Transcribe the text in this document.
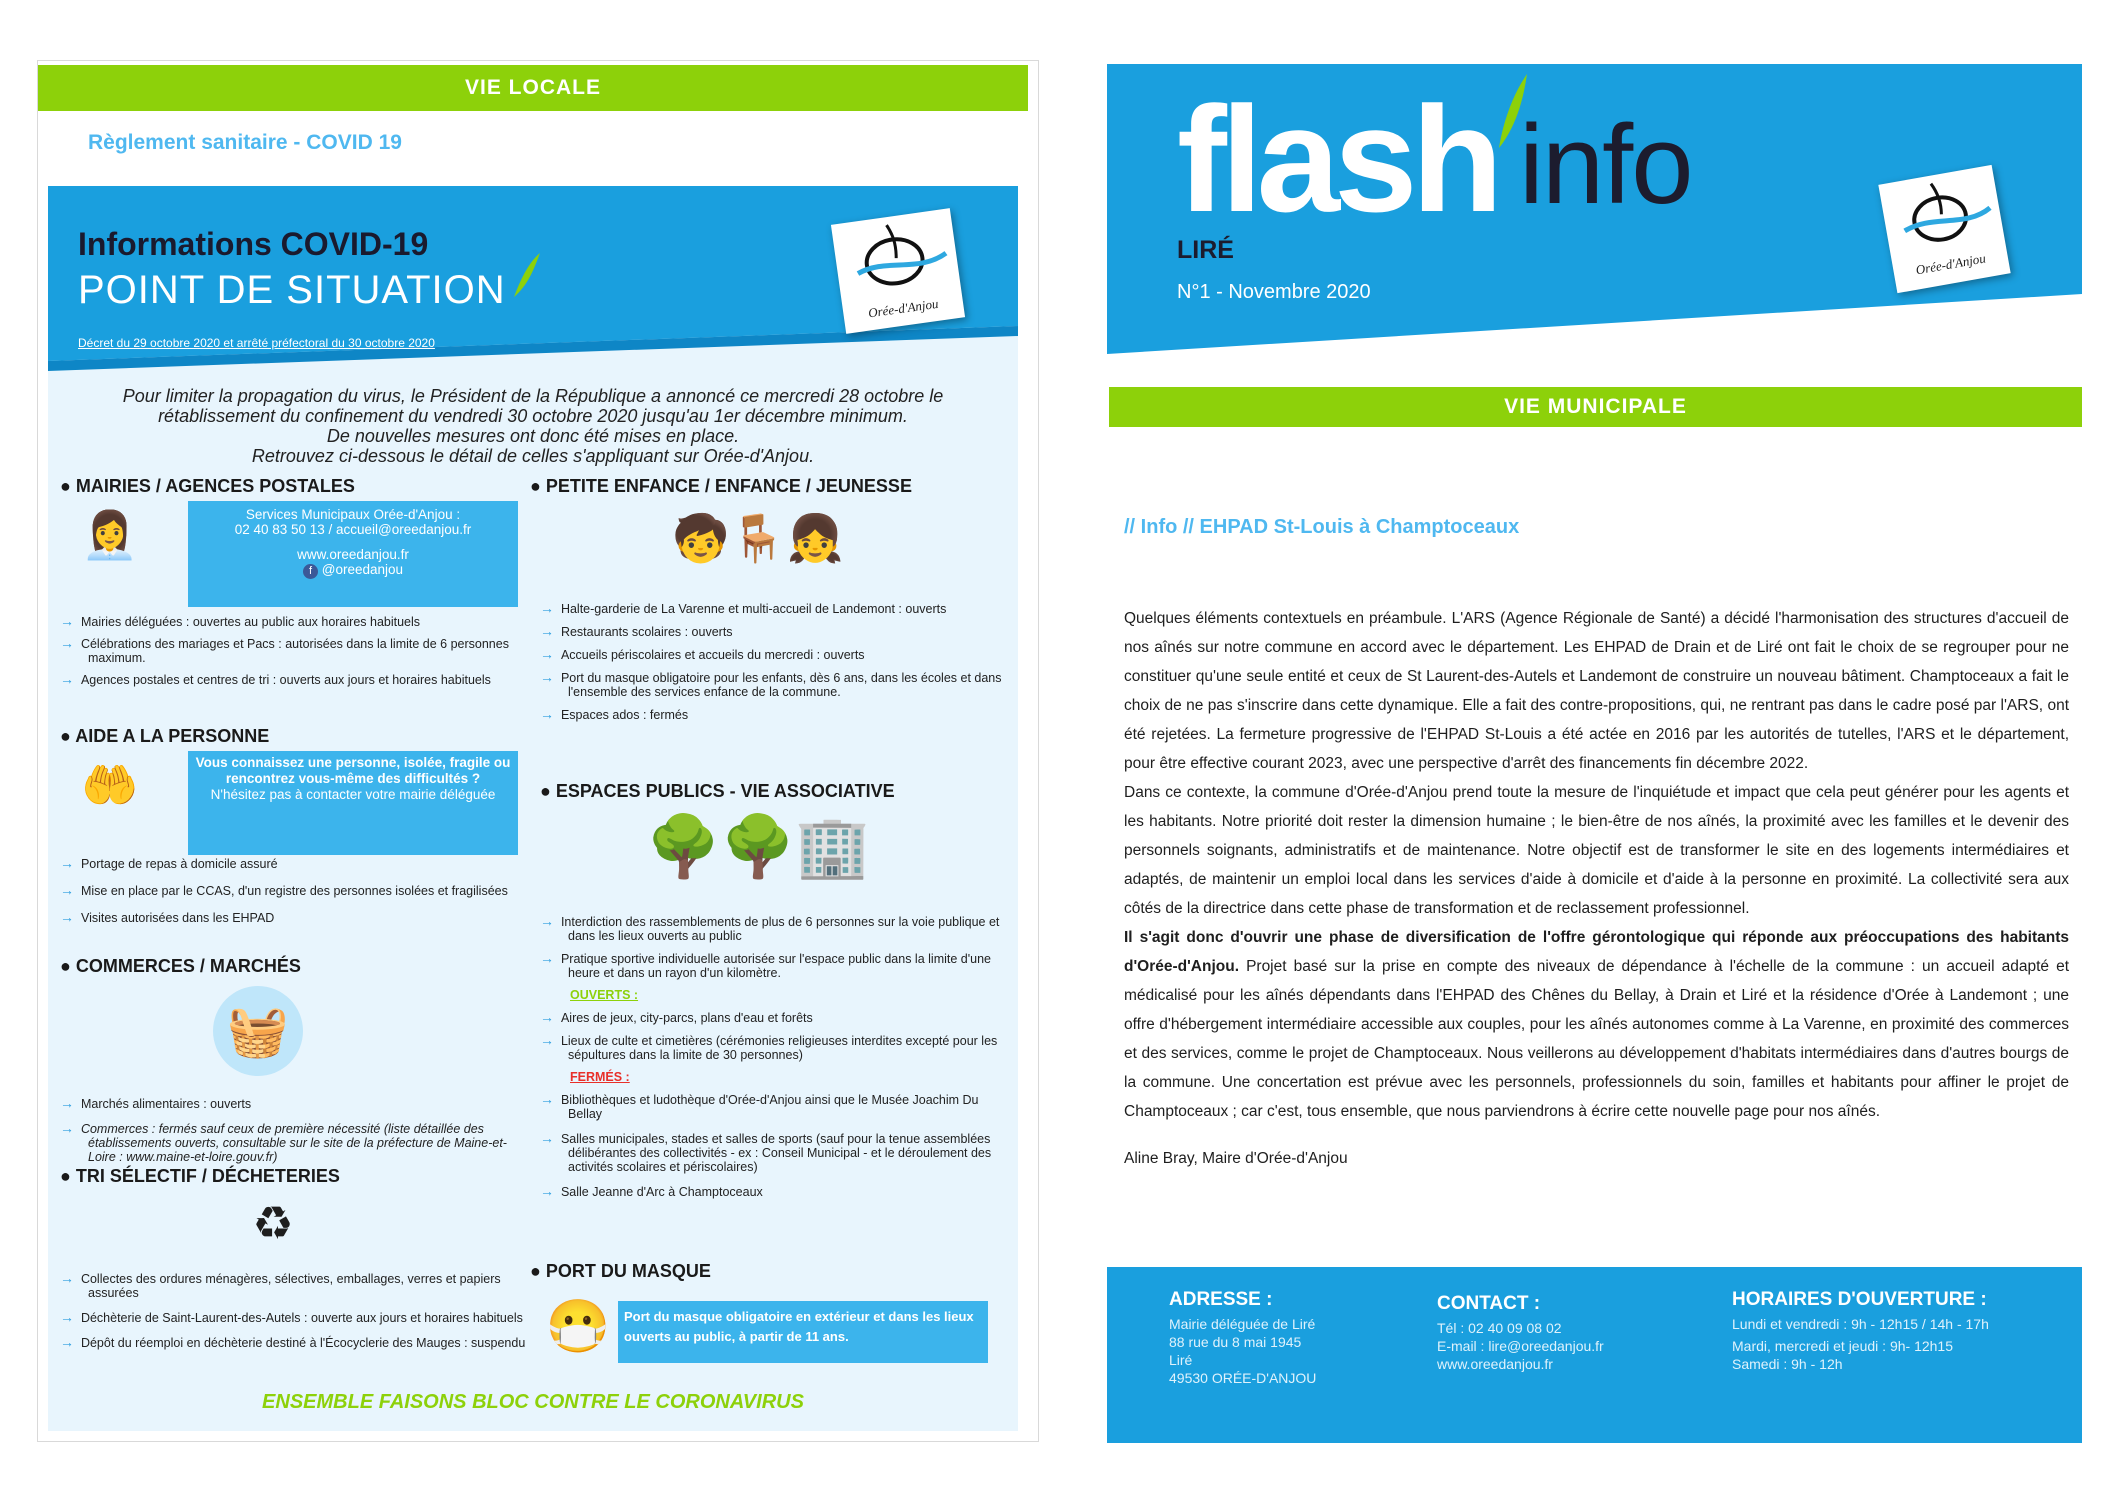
VIE LOCALE
Règlement sanitaire - COVID 19
Informations COVID-19
POINT DE SITUATION
Décret du 29 octobre 2020 et arrêté préfectoral du 30 octobre 2020
Orée-d'Anjou
Pour limiter la propagation du virus, le Président de la République a annoncé ce mercredi 28 octobre le
rétablissement du confinement du vendredi 30 octobre 2020 jusqu'au 1er décembre minimum.
De nouvelles mesures ont donc été mises en place.
Retrouvez ci-dessous le détail de celles s'appliquant sur Orée-d'Anjou.
● MAIRIES / AGENCES POSTALES
👩‍💼	Services Municipaux Orée-d'Anjou :
02 40 83 50 13 / accueil@oreedanjou.fr
www.oreedanjou.fr
f @oreedanjou
→ Mairies déléguées : ouvertes au public aux horaires habituels
→ Célébrations des mariages et Pacs : autorisées dans la limite de 6 personnes maximum.
→ Agences postales et centres de tri : ouverts aux jours et horaires habituels
● AIDE A LA PERSONNE
🤲	Vous connaissez une personne, isolée, fragile ou rencontrez vous-même des difficultés ?
N'hésitez pas à contacter votre mairie déléguée
→ Portage de repas à domicile assuré
→ Mise en place par le CCAS, d'un registre des personnes isolées et fragilisées
→ Visites autorisées dans les EHPAD
● COMMERCES / MARCHÉS
🧺
→ Marchés alimentaires : ouverts
→ Commerces : fermés sauf ceux de première nécessité (liste détaillée des établissements ouverts, consultable sur le site de la préfecture de Maine-et-Loire : www.maine-et-loire.gouv.fr)
● TRI SÉLECTIF / DÉCHETERIES
♻
→ Collectes des ordures ménagères, sélectives, emballages, verres et papiers assurées
→ Déchèterie de Saint-Laurent-des-Autels : ouverte aux jours et horaires habituels
→ Dépôt du réemploi en déchèterie destiné à l'Écocyclerie des Mauges : suspendu
● PETITE ENFANCE / ENFANCE / JEUNESSE
🧒🪑👧
→ Halte-garderie de La Varenne et multi-accueil de Landemont : ouverts
→ Restaurants scolaires : ouverts
→ Accueils périscolaires et accueils du mercredi : ouverts
→ Port du masque obligatoire pour les enfants, dès 6 ans, dans les écoles et dans l'ensemble des services enfance de la commune.
→ Espaces ados : fermés
● ESPACES PUBLICS - VIE ASSOCIATIVE
🌳🌳🏢
→ Interdiction des rassemblements de plus de 6 personnes sur la voie publique et dans les lieux ouverts au public
→ Pratique sportive individuelle autorisée sur l'espace public dans la limite d'une heure et dans un rayon d'un kilomètre.
OUVERTS :
→ Aires de jeux, city-parcs, plans d'eau et forêts
→ Lieux de culte et cimetières (cérémonies religieuses interdites excepté pour les sépultures dans la limite de 30 personnes)
FERMÉS :
→ Bibliothèques et ludothèque d'Orée-d'Anjou ainsi que le Musée Joachim Du Bellay
→ Salles municipales, stades et salles de sports (sauf pour la tenue assemblées délibérantes des collectivités - ex : Conseil Municipal - et le déroulement des activités scolaires et périscolaires)
→ Salle Jeanne d'Arc à Champtoceaux
● PORT DU MASQUE
😷	Port du masque obligatoire en extérieur et dans les lieux ouverts au public, à partir de 11 ans.
ENSEMBLE FAISONS BLOC CONTRE LE CORONAVIRUS
flash info
LIRÉ
N°1 - Novembre 2020
Orée-d'Anjou
VIE MUNICIPALE
// Info // EHPAD St-Louis à Champtoceaux

Quelques éléments contextuels en préambule. L'ARS (Agence Régionale de Santé) a décidé l'harmonisation des structures d'accueil de nos aînés sur notre commune en accord avec le département. Les EHPAD de Drain et de Liré ont fait le choix de se regrouper pour ne constituer qu'une seule entité et ceux de St Laurent-des-Autels et Landemont de construire un nouveau bâtiment. Champtoceaux a fait le choix de ne pas s'inscrire dans cette dynamique. Elle a fait des contre-propositions, qui, ne rentrant pas dans le cadre posé par l'ARS, ont été rejetées. La fermeture progressive de l'EHPAD St-Louis a été actée en 2016 par les autorités de tutelles, l'ARS et le département, pour être effective courant 2023, avec une perspective d'arrêt des financements fin décembre 2022.

Dans ce contexte, la commune d'Orée-d'Anjou prend toute la mesure de l'inquiétude et impact que cela peut générer pour les agents et les habitants. Notre priorité doit rester la dimension humaine ; le bien-être de nos aînés, la proximité avec les familles et le devenir des personnels soignants, administratifs et de maintenance. Notre objectif est de transformer le site en des logements intermédiaires et adaptés, de maintenir un emploi local dans les services d'aide à domicile et d'aide à la personne en proximité. La collectivité sera aux côtés de la directrice dans cette phase de transformation et de reclassement professionnel.

Il s'agit donc d'ouvrir une phase de diversification de l'offre gérontologique qui réponde aux préoccupations des habitants d'Orée-d'Anjou. Projet basé sur la prise en compte des niveaux de dépendance à l'échelle de la commune : un accueil adapté et médicalisé pour les aînés dépendants dans l'EHPAD des Chênes du Bellay, à Drain et Liré et la résidence d'Orée à Landemont ; une offre d'hébergement intermédiaire accessible aux couples, pour les aînés autonomes comme à La Varenne, en proximité des commerces et des services, comme le projet de Champtoceaux. Nous veillerons au développement d'habitats intermédiaires dans d'autres bourgs de la commune. Une concertation est prévue avec les personnels, professionnels du soin, familles et habitants pour affiner le projet de Champtoceaux ; car c'est, tous ensemble, que nous parviendrons à écrire cette nouvelle page pour nos aînés.

Aline Bray, Maire d'Orée-d'Anjou
ADRESSE :
Mairie déléguée de Liré
88 rue du 8 mai 1945
Liré
49530 ORÉE-D'ANJOU
CONTACT :
Tél : 02 40 09 08 02
E-mail : lire@oreedanjou.fr
www.oreedanjou.fr
HORAIRES D'OUVERTURE :
Lundi et vendredi : 9h - 12h15 / 14h - 17h
Mardi, mercredi et jeudi : 9h- 12h15
Samedi : 9h - 12h
